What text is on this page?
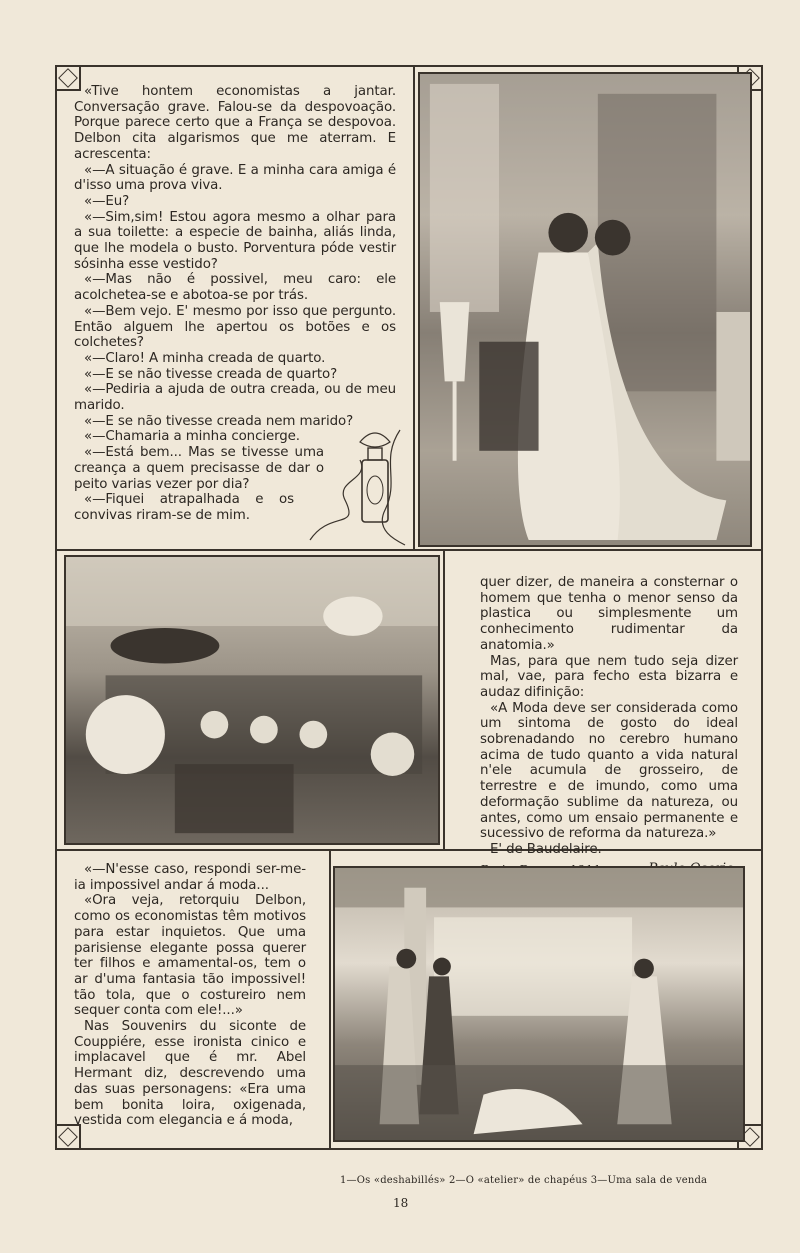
«Tive hontem economistas a jantar. Conversação grave. Falou-se da despovoação. Porque parece certo que a França se despovoa. Delbon cita algarismos que me aterram. E acrescenta:

«—A situação é grave. E a minha cara amiga é d'isso uma prova viva.

«—Eu?

«—Sim,sim! Estou agora mesmo a olhar para a sua toilette: a especie de bainha, aliás linda, que lhe modela o busto. Porventura póde vestir sósinha esse vestido?

«—Mas não é possivel, meu caro: ele acolchetea-se e abotoa-se por trás.

«—Bem vejo. E' mesmo por isso que pergunto. Então alguem lhe apertou os botões e os colchetes?

«—Claro! A minha creada de quarto.

«—E se não tivesse creada de quarto?

«—Pediria a ajuda de outra creada, ou de meu marido.

«—E se não tivesse creada nem marido?

«—Chamaria a minha concierge.

«—Está bem... Mas se tivesse uma creança a quem precisasse de dar o peito varias vezer por dia?

«—Fiquei atrapalhada e os convivas riram-se de mim.

quer dizer, de maneira a consternar o homem que tenha o menor senso da plastica ou simplesmente um conhecimento rudimentar da anatomia.»

Mas, para que nem tudo seja dizer mal, vae, para fecho esta bizarra e audaz difinição:

«A Moda deve ser considerada como um sintoma de gosto do ideal sobrenadando no cerebro humano acima de tudo quanto a vida natural n'ele acumula de grosseiro, de terrestre e de imundo, como uma deformação sublime da natureza, ou antes, como um ensaio permanente e sucessivo de reforma da natureza.»

E' de Baudelaire.

«—N'esse caso, respondi ser-me-ia impossivel andar á moda...

«Ora veja, retorquiu Delbon, como os economistas têm motivos para estar inquietos. Que uma parisiense elegante possa querer ter filhos e amamental-os, tem o ar d'uma fantasia tão impossivel! tão tola, que o costureiro nem sequer conta com ele!...»

Nas Souvenirs du siconte de Couppiére, esse ironista cinico e implacavel que é mr. Abel Hermant diz, descrevendo uma das suas personagens: «Era uma bem bonita loira, oxigenada, vestida com elegancia e á moda,

1—Os «deshabillés» 2—O «atelier» de chapéus 3—Uma sala de venda
18
